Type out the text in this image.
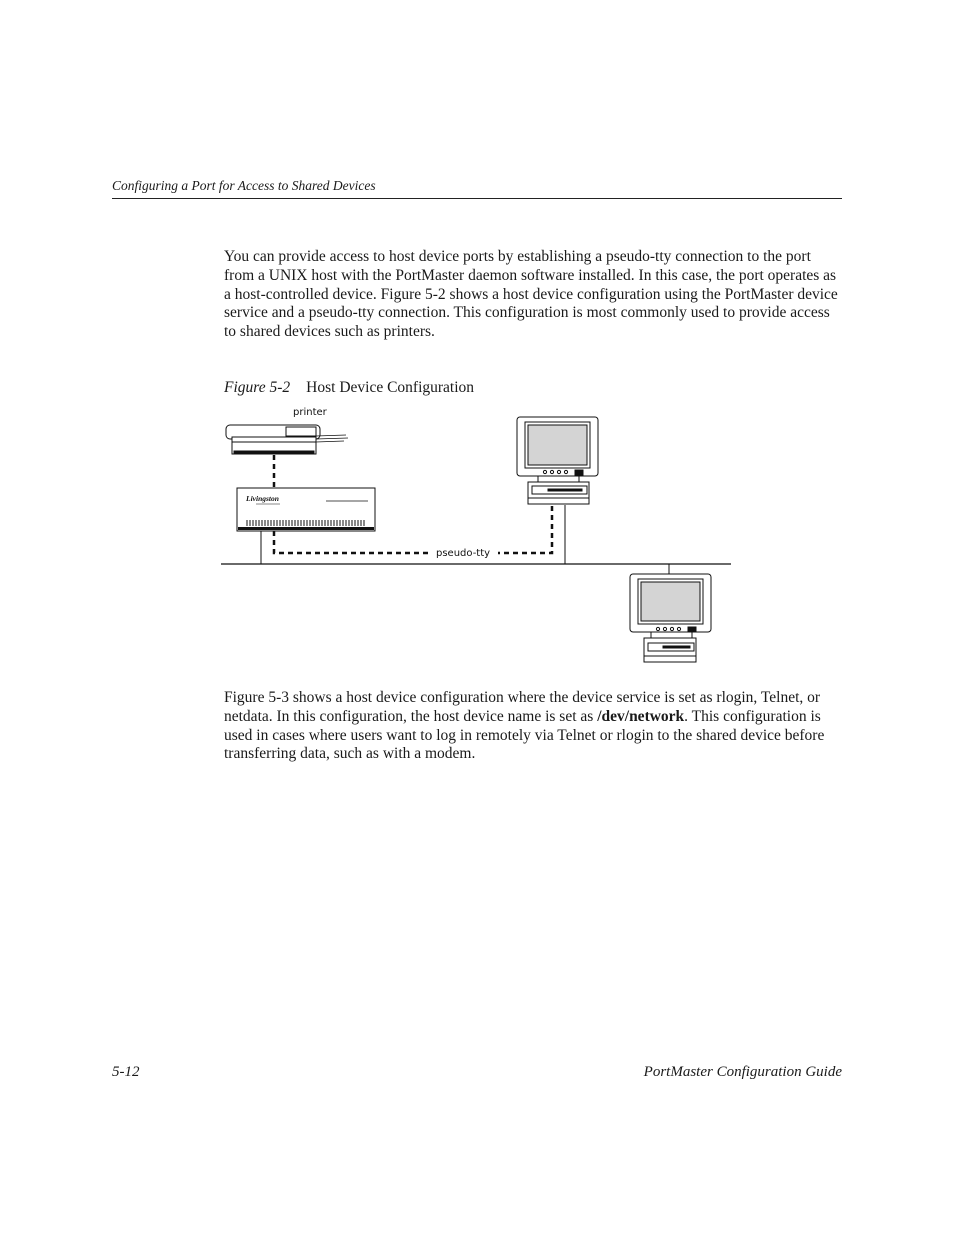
Configuring a Port for Access to Shared Devices

You can provide access to host device ports by establishing a pseudo-tty connection to the port from a UNIX host with the PortMaster daemon software installed. In this case, the port operates as a host-controlled device. Figure 5-2 shows a host device configuration using the PortMaster device service and a pseudo-tty connection. This configuration is most commonly used to provide access to shared devices such as printers.

Figure 5-2 Host Device Configuration
printer
Livingston
pseudo-tty

Figure 5-3 shows a host device configuration where the device service is set as rlogin, Telnet, or netdata. In this configuration, the host device name is set as /dev/network. This configuration is used in cases where users want to log in remotely via Telnet or rlogin to the shared device before transferring data, such as with a modem.

5-12	PortMaster Configuration Guide
